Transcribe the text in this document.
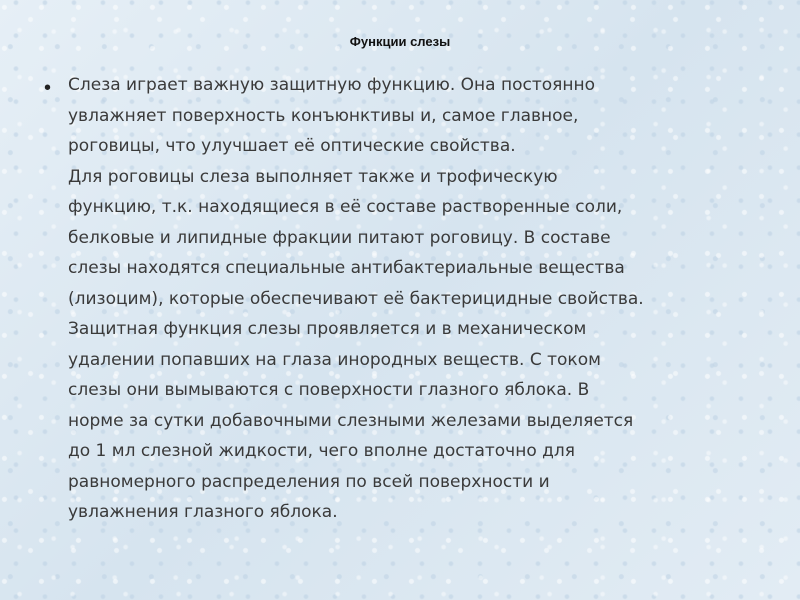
Функции слезы
• Слеза играет важную защитную функцию. Она постоянно
увлажняет поверхность конъюнктивы и, самое главное,
роговицы, что улучшает её оптические свойства.
Для роговицы слеза выполняет также и трофическую
функцию, т.к. находящиеся в её составе растворенные соли,
белковые и липидные фракции питают роговицу. В составе
слезы находятся специальные антибактериальные вещества
(лизоцим), которые обеспечивают её бактерицидные свойства.
Защитная функция слезы проявляется и в механическом
удалении попавших на глаза инородных веществ. С током
слезы они вымываются с поверхности глазного яблока. В
норме за сутки добавочными слезными железами выделяется
до 1 мл слезной жидкости, чего вполне достаточно для
равномерного распределения по всей поверхности и
увлажнения глазного яблока.
